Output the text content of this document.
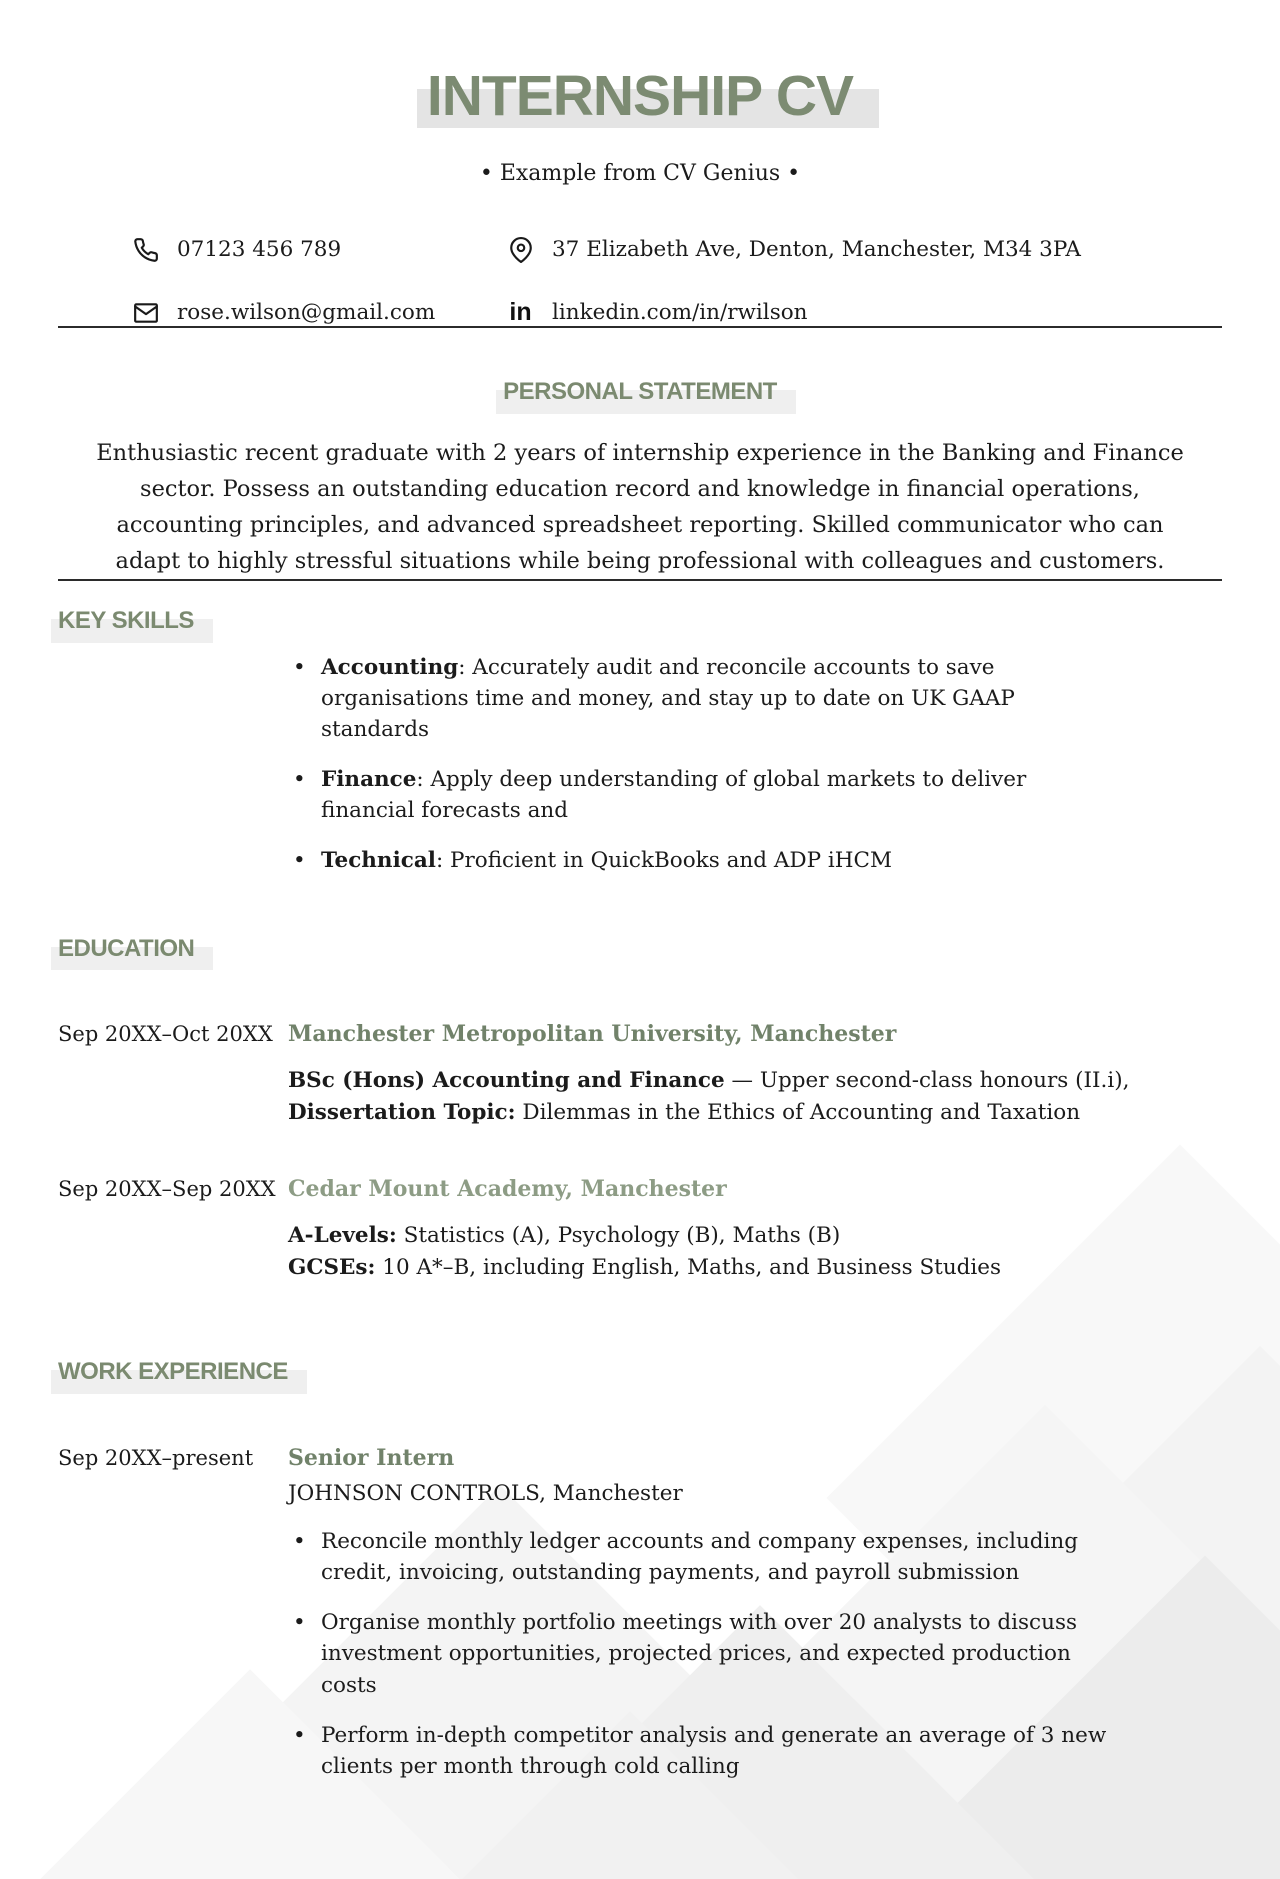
INTERNSHIP CV
• Example from CV Genius •
07123 456 789	37 Elizabeth Ave, Denton, Manchester, M34 3PA
rose.wilson@gmail.com	in linkedin.com/in/rwilson
PERSONAL STATEMENT

Enthusiastic recent graduate with 2 years of internship experience in the Banking and Finance sector. Possess an outstanding education record and knowledge in financial operations, accounting principles, and advanced spreadsheet reporting. Skilled communicator who can adapt to highly stressful situations while being professional with colleagues and customers.

KEY SKILLS
• Accounting: Accurately audit and reconcile accounts to save organisations time and money, and stay up to date on UK GAAP standards
• Finance: Apply deep understanding of global markets to deliver financial forecasts and
• Technical: Proficient in QuickBooks and ADP iHCM
EDUCATION
Sep 20XX–Oct 20XX Manchester Metropolitan University, Manchester
BSc (Hons) Accounting and Finance — Upper second-class honours (II.i),
Dissertation Topic: Dilemmas in the Ethics of Accounting and Taxation
Sep 20XX–Sep 20XX Cedar Mount Academy, Manchester
A-Levels: Statistics (A), Psychology (B), Maths (B)
GCSEs: 10 A*–B, including English, Maths, and Business Studies
WORK EXPERIENCE
Sep 20XX–present	Senior Intern
JOHNSON CONTROLS, Manchester
• Reconcile monthly ledger accounts and company expenses, including credit, invoicing, outstanding payments, and payroll submission
• Organise monthly portfolio meetings with over 20 analysts to discuss investment opportunities, projected prices, and expected production costs
• Perform in-depth competitor analysis and generate an average of 3 new clients per month through cold calling
